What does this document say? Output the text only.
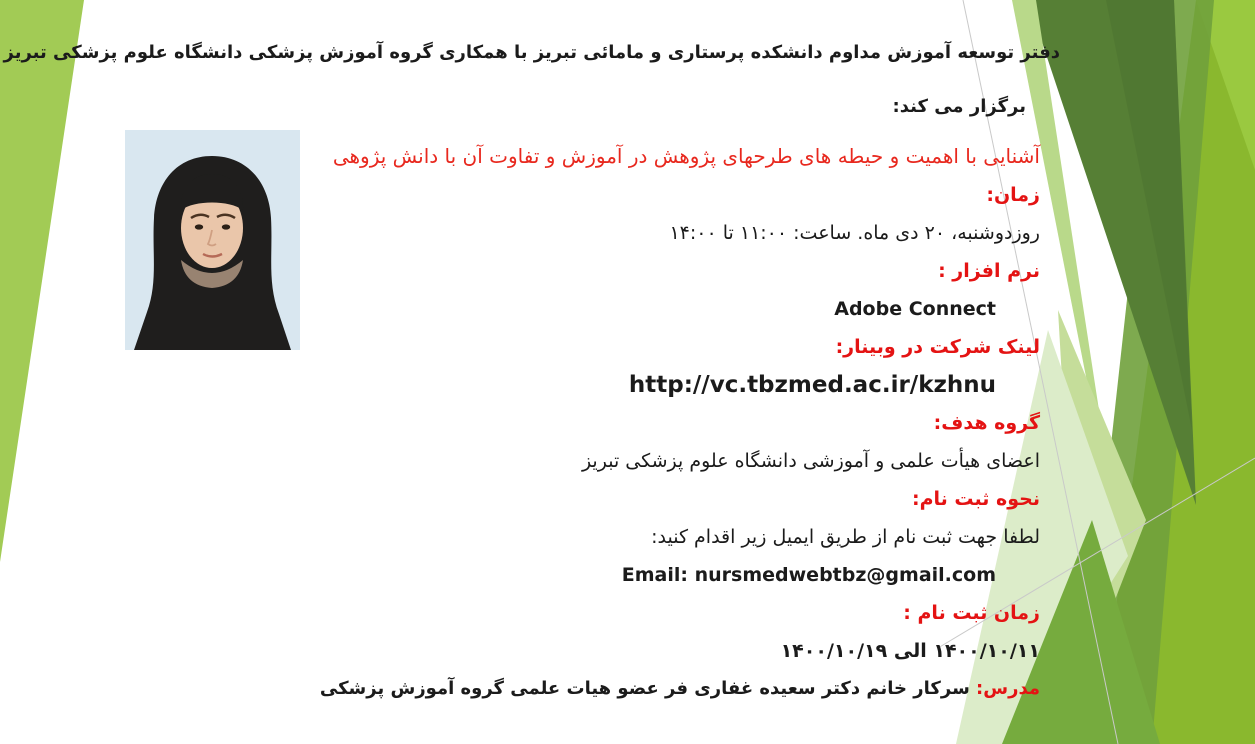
دفتر توسعه آموزش مداوم دانشکده پرستاری و مامائی تبریز با همکاری گروه آموزش پزشکی دانشگاه علوم پزشکی تبریز
برگزار می کند:
آشنایی با اهمیت و حیطه های طرحهای پژوهش در آموزش و تفاوت آن با دانش پژوهی
زمان:
روزدوشنبه، ۲۰ دی ماه. ساعت: ۱۱:۰۰ تا ۱۴:۰۰
نرم افزار :
Adobe Connect
لینک شرکت در وبینار:
http://vc.tbzmed.ac.ir/kzhnu
گروه هدف:
اعضای هیأت علمی و آموزشی دانشگاه علوم پزشکی تبریز
نحوه ثبت نام:
لطفا جهت ثبت نام از طریق ایمیل زیر اقدام کنید:
Email: nursmedwebtbz@gmail.com
زمان ثبت نام :
۱۴۰۰/۱۰/۱۱ الی ۱۴۰۰/۱۰/۱۹
مدرس: سرکار خانم دکتر سعیده غفاری فر عضو هیات علمی گروه آموزش پزشکی
